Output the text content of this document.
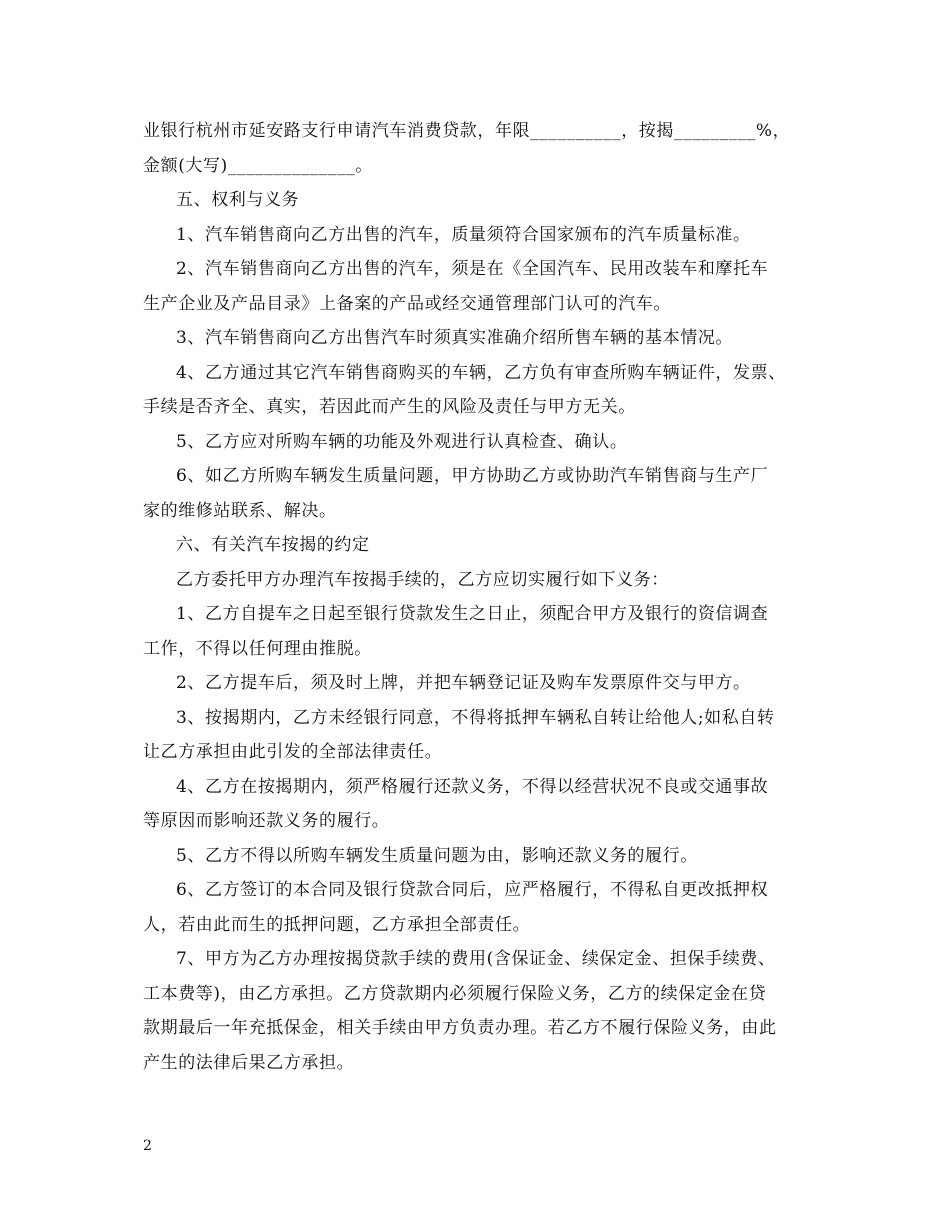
业银行杭州市延安路支行申请汽车消费贷款，年限__________，按揭_________%，
金额(大写)______________。
五、权利与义务
1、汽车销售商向乙方出售的汽车，质量须符合国家颁布的汽车质量标准。
2、汽车销售商向乙方出售的汽车，须是在《全国汽车、民用改装车和摩托车
生产企业及产品目录》上备案的产品或经交通管理部门认可的汽车。
3、汽车销售商向乙方出售汽车时须真实准确介绍所售车辆的基本情况。
4、乙方通过其它汽车销售商购买的车辆，乙方负有审查所购车辆证件，发票、
手续是否齐全、真实，若因此而产生的风险及责任与甲方无关。
5、乙方应对所购车辆的功能及外观进行认真检查、确认。
6、如乙方所购车辆发生质量问题，甲方协助乙方或协助汽车销售商与生产厂
家的维修站联系、解决。
六、有关汽车按揭的约定
乙方委托甲方办理汽车按揭手续的，乙方应切实履行如下义务：
1、乙方自提车之日起至银行贷款发生之日止，须配合甲方及银行的资信调查
工作，不得以任何理由推脱。
2、乙方提车后，须及时上牌，并把车辆登记证及购车发票原件交与甲方。
3、按揭期内，乙方未经银行同意，不得将抵押车辆私自转让给他人;如私自转
让乙方承担由此引发的全部法律责任。
4、乙方在按揭期内，须严格履行还款义务，不得以经营状况不良或交通事故
等原因而影响还款义务的履行。
5、乙方不得以所购车辆发生质量问题为由，影响还款义务的履行。
6、乙方签订的本合同及银行贷款合同后，应严格履行，不得私自更改抵押权
人，若由此而生的抵押问题，乙方承担全部责任。
7、甲方为乙方办理按揭贷款手续的费用(含保证金、续保定金、担保手续费、
工本费等)，由乙方承担。乙方贷款期内必须履行保险义务，乙方的续保定金在贷
款期最后一年充抵保金，相关手续由甲方负责办理。若乙方不履行保险义务，由此
产生的法律后果乙方承担。
2
